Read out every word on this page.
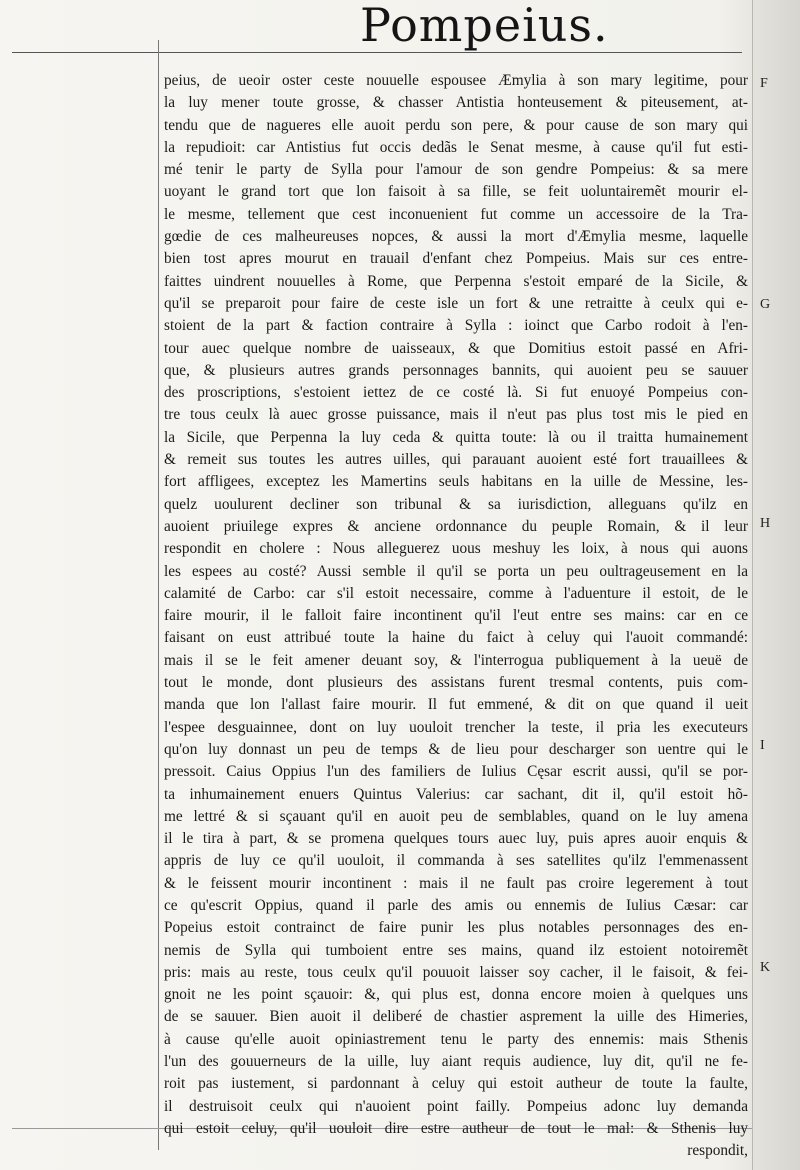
Pompeius.
peius, de ueoir oster ceste nouuelle espousee Æmylia à son mary legitime, pour
la luy mener toute grosse, & chasser Antistia honteusement & piteusement, at-
tendu que de nagueres elle auoit perdu son pere, & pour cause de son mary qui
la repudioit: car Antistius fut occis dedãs le Senat mesme, à cause qu'il fut esti-
mé tenir le party de Sylla pour l'amour de son gendre Pompeius: & sa mere
uoyant le grand tort que lon faisoit à sa fille, se feit uoluntairemẽt mourir el-
le mesme, tellement que cest inconuenient fut comme un accessoire de la Tra-
gœdie de ces malheureuses nopces, & aussi la mort d'Æmylia mesme, laquelle
bien tost apres mourut en trauail d'enfant chez Pompeius. Mais sur ces entre-
faittes uindrent nouuelles à Rome, que Perpenna s'estoit emparé de la Sicile, &
qu'il se preparoit pour faire de ceste isle un fort & une retraitte à ceulx qui e-
stoient de la part & faction contraire à Sylla : ioinct que Carbo rodoit à l'en-
tour auec quelque nombre de uaisseaux, & que Domitius estoit passé en Afri-
que, & plusieurs autres grands personnages bannits, qui auoient peu se sauuer
des proscriptions, s'estoient iettez de ce costé là. Si fut enuoyé Pompeius con-
tre tous ceulx là auec grosse puissance, mais il n'eut pas plus tost mis le pied en
la Sicile, que Perpenna la luy ceda & quitta toute: là ou il traitta humainement
& remeit sus toutes les autres uilles, qui parauant auoient esté fort trauaillees &
fort affligees, exceptez les Mamertins seuls habitans en la uille de Messine, les-
quelz uoulurent decliner son tribunal & sa iurisdiction, alleguans qu'ilz en
auoient priuilege expres & anciene ordonnance du peuple Romain, & il leur
respondit en cholere : Nous alleguerez uous meshuy les loix, à nous qui auons
les espees au costé? Aussi semble il qu'il se porta un peu oultrageusement en la
calamité de Carbo: car s'il estoit necessaire, comme à l'aduenture il estoit, de le
faire mourir, il le falloit faire incontinent qu'il l'eut entre ses mains: car en ce
faisant on eust attribué toute la haine du faict à celuy qui l'auoit commandé:
mais il se le feit amener deuant soy, & l'interrogua publiquement à la ueuë de
tout le monde, dont plusieurs des assistans furent tresmal contents, puis com-
manda que lon l'allast faire mourir. Il fut emmené, & dit on que quand il ueit
l'espee desguainnee, dont on luy uouloit trencher la teste, il pria les executeurs
qu'on luy donnast un peu de temps & de lieu pour descharger son uentre qui le
pressoit. Caius Oppius l'un des familiers de Iulius Cęsar escrit aussi, qu'il se por-
ta inhumainement enuers Quintus Valerius: car sachant, dit il, qu'il estoit hõ-
me lettré & si sçauant qu'il en auoit peu de semblables, quand on le luy amena
il le tira à part, & se promena quelques tours auec luy, puis apres auoir enquis &
appris de luy ce qu'il uouloit, il commanda à ses satellites qu'ilz l'emmenassent
& le feissent mourir incontinent : mais il ne fault pas croire legerement à tout
ce qu'escrit Oppius, quand il parle des amis ou ennemis de Iulius Cæsar: car
Popeius estoit contrainct de faire punir les plus notables personnages des en-
nemis de Sylla qui tumboient entre ses mains, quand ilz estoient notoiremẽt
pris: mais au reste, tous ceulx qu'il pouuoit laisser soy cacher, il le faisoit, & fei-
gnoit ne les point sçauoir: &, qui plus est, donna encore moien à quelques uns
de se sauuer. Bien auoit il deliberé de chastier asprement la uille des Himeries,
à cause qu'elle auoit opiniastrement tenu le party des ennemis: mais Sthenis
l'un des gouuerneurs de la uille, luy aiant requis audience, luy dit, qu'il ne fe-
roit pas iustement, si pardonnant à celuy qui estoit autheur de toute la faulte,
il destruisoit ceulx qui n'auoient point failly. Pompeius adonc luy demanda
qui estoit celuy, qu'il uouloit dire estre autheur de tout le mal: & Sthenis luy
respondit,
F
G
H
I
K
